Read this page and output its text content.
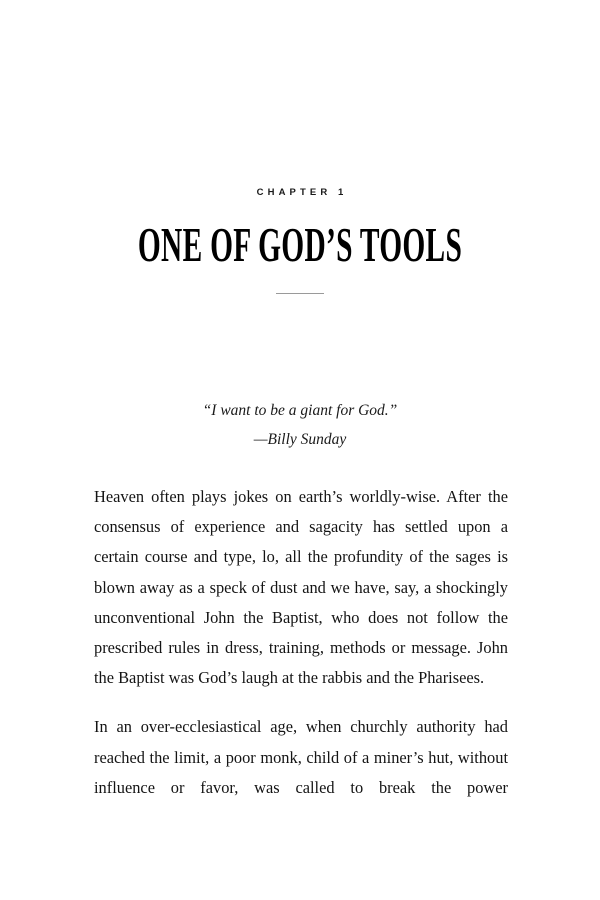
CHAPTER 1
ONE OF GOD’S TOOLS
“I want to be a giant for God.”
—Billy Sunday

Heaven often plays jokes on earth’s worldly-wise. After the consensus of experience and sagacity has settled upon a certain course and type, lo, all the profundity of the sages is blown away as a speck of dust and we have, say, a shockingly unconventional John the Baptist, who does not follow the prescribed rules in dress, training, methods or message. John the Baptist was God’s laugh at the rabbis and the Pharisees.

In an over-ecclesiastical age, when churchly authority had reached the limit, a poor monk, child of a miner’s hut, without influence or favor, was called to break the power
